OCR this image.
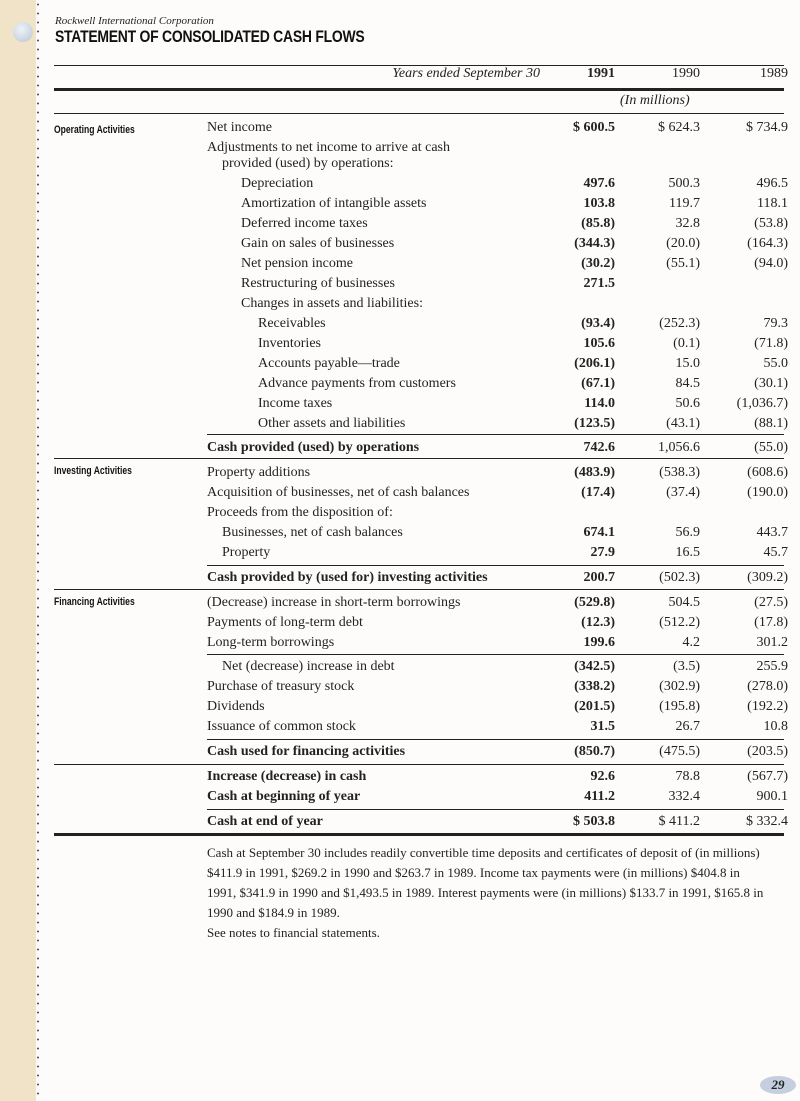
Rockwell International Corporation
STATEMENT OF CONSOLIDATED CASH FLOWS
Years ended September 30	1991	1990	1989
(In millions)
Operating Activities
Investing Activities
Financing Activities
Net income	$ 600.5	$ 624.3	$ 734.9
Adjustments to net income to arrive at cash
provided (used) by operations:
Depreciation	497.6	500.3	496.5
Amortization of intangible assets	103.8	119.7	118.1
Deferred income taxes	(85.8)	32.8	(53.8)
Gain on sales of businesses	(344.3)	(20.0)	(164.3)
Net pension income	(30.2)	(55.1)	(94.0)
Restructuring of businesses	271.5
Changes in assets and liabilities:
Receivables	(93.4)	(252.3)	79.3
Inventories	105.6	(0.1)	(71.8)
Accounts payable—trade	(206.1)	15.0	55.0
Advance payments from customers	(67.1)	84.5	(30.1)
Income taxes	114.0	50.6	(1,036.7)
Other assets and liabilities	(123.5)	(43.1)	(88.1)
Cash provided (used) by operations	742.6	1,056.6	(55.0)
Property additions	(483.9)	(538.3)	(608.6)
Acquisition of businesses, net of cash balances	(17.4)	(37.4)	(190.0)
Proceeds from the disposition of:
Businesses, net of cash balances	674.1	56.9	443.7
Property	27.9	16.5	45.7
Cash provided by (used for) investing activities	200.7	(502.3)	(309.2)
(Decrease) increase in short-term borrowings	(529.8)	504.5	(27.5)
Payments of long-term debt	(12.3)	(512.2)	(17.8)
Long-term borrowings	199.6	4.2	301.2
Net (decrease) increase in debt	(342.5)	(3.5)	255.9
Purchase of treasury stock	(338.2)	(302.9)	(278.0)
Dividends	(201.5)	(195.8)	(192.2)
Issuance of common stock	31.5	26.7	10.8
Cash used for financing activities	(850.7)	(475.5)	(203.5)
Increase (decrease) in cash	92.6	78.8	(567.7)
Cash at beginning of year	411.2	332.4	900.1
Cash at end of year	$ 503.8	$ 411.2	$ 332.4
Cash at September 30 includes readily convertible time deposits and certificates of deposit of (in millions) $411.9 in 1991, $269.2 in 1990 and $263.7 in 1989. Income tax payments were (in millions) $404.8 in 1991, $341.9 in 1990 and $1,493.5 in 1989. Interest payments were (in millions) $133.7 in 1991, $165.8 in 1990 and $184.9 in 1989.
See notes to financial statements.
29
